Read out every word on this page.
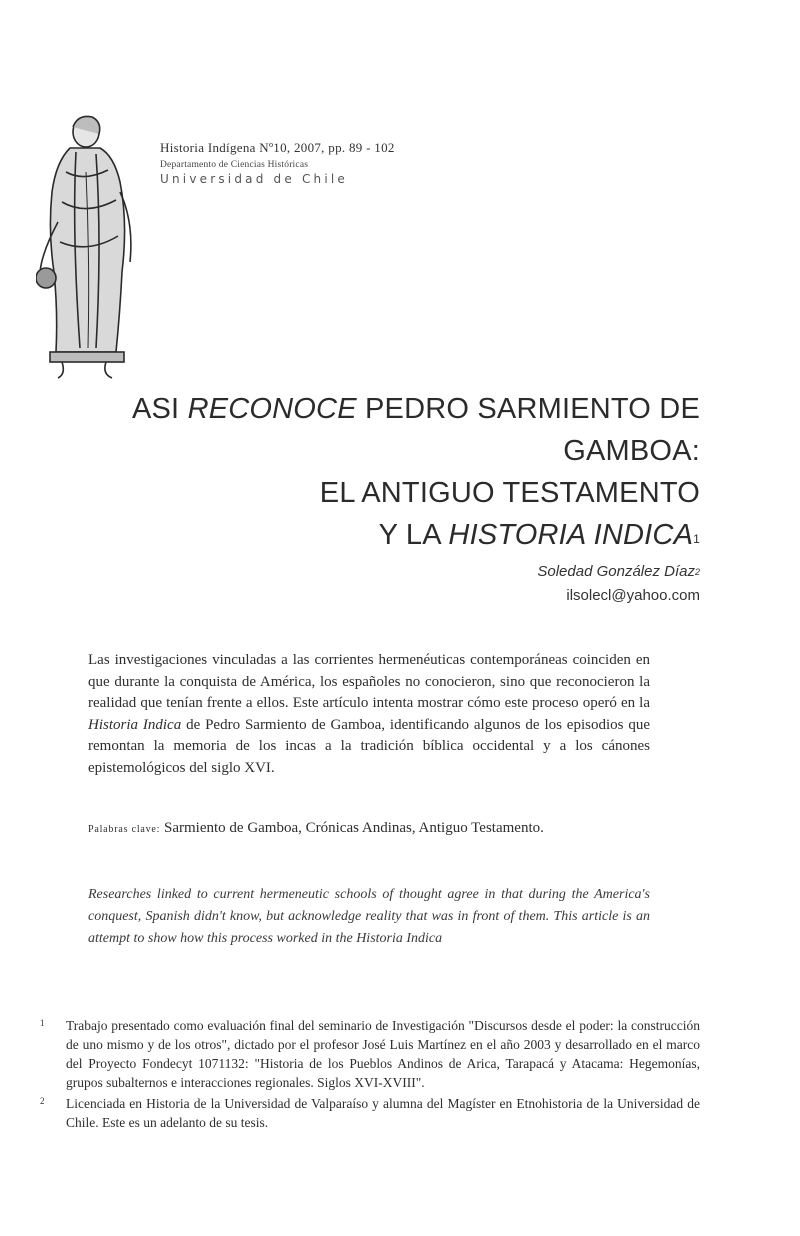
Historia Indígena Nº10, 2007, pp. 89 - 102
Departamento de Ciencias Históricas
Universidad de Chile
ASI RECONOCE PEDRO SARMIENTO DE GAMBOA:
EL ANTIGUO TESTAMENTO
Y LA HISTORIA INDICA$^1$
Soledad González Díaz$^2$
ilsolecl@yahoo.com
Las investigaciones vinculadas a las corrientes hermenéuticas contemporáneas coinciden en que durante la conquista de América, los españoles no conocieron, sino que reconocieron la realidad que tenían frente a ellos. Este artículo intenta mostrar cómo este proceso operó en la Historia Indica de Pedro Sarmiento de Gamboa, identificando algunos de los episodios que remontan la memoria de los incas a la tradición bíblica occidental y a los cánones epistemológicos del siglo XVI.
Palabras clave: Sarmiento de Gamboa, Crónicas Andinas, Antiguo Testamento.
Researches linked to current hermeneutic schools of thought agree in that during the America's conquest, Spanish didn't know, but acknowledge reality that was in front of them. This article is an attempt to show how this process worked in the Historia Indica
1 Trabajo presentado como evaluación final del seminario de Investigación "Discursos desde el poder: la construcción de uno mismo y de los otros", dictado por el profesor José Luis Martínez en el año 2003 y desarrollado en el marco del Proyecto Fondecyt 1071132: "Historia de los Pueblos Andinos de Arica, Tarapacá y Atacama: Hegemonías, grupos subalternos e interacciones regionales. Siglos XVI-XVIII".
2 Licenciada en Historia de la Universidad de Valparaíso y alumna del Magíster en Etnohistoria de la Universidad de Chile. Este es un adelanto de su tesis.
